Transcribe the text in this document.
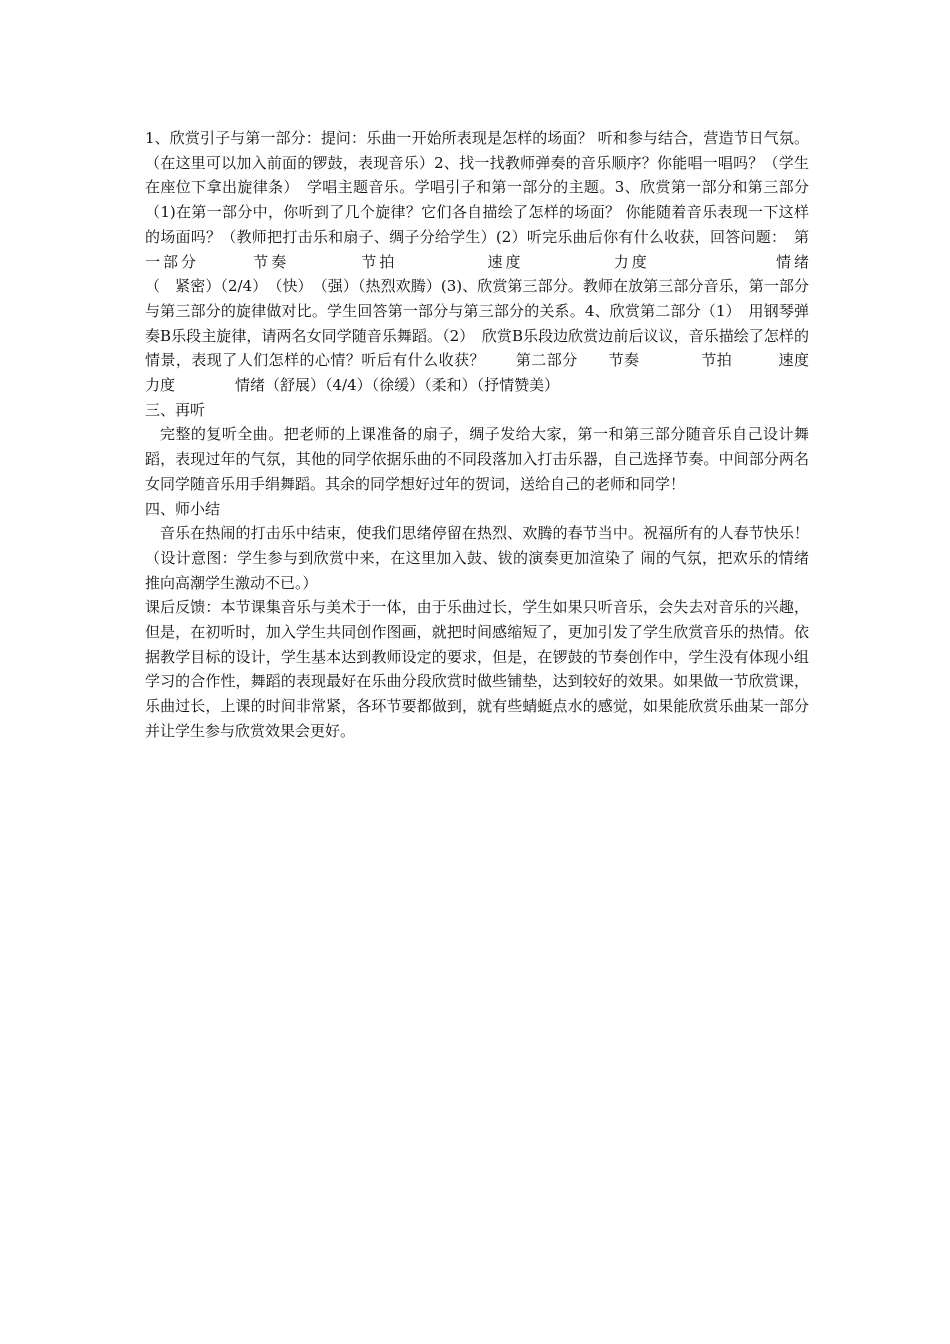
1、欣赏引子与第一部分：提问：乐曲一开始所表现是怎样的场面？ 听和参与结合，营造节日气氛。（在这里可以加入前面的锣鼓，表现音乐）2、找一找教师弹奏的音乐顺序？你能唱一唱吗？（学生在座位下拿出旋律条）　学唱主题音乐。学唱引子和第一部分的主题。3、欣赏第一部分和第三部分　（1)在第一部分中，你听到了几个旋律？它们各自描绘了怎样的场面？ 你能随着音乐表现一下这样的场面吗？（教师把打击乐和扇子、绸子分给学生）(2）听完乐曲后你有什么收获，回答问题：　第一部分　　　节奏　　　　节拍　　　　　速度　　　　　力度　　　　　　　情绪　　　　　　　　（　紧密）（2/4）　（快）　（强）（热烈欢腾）(3)、欣赏第三部分。教师在放第三部分音乐，第一部分与第三部分的旋律做对比。学生回答第一部分与第三部分的关系。4、欣赏第二部分（1）　用钢琴弹奏B乐段主旋律，请两名女同学随音乐舞蹈。（2）　欣赏B乐段边欣赏边前后议议，音乐描绘了怎样的情景，表现了人们怎样的心情？听后有什么收获？　　第二部分　　节奏　　　　节拍　　　速度　　　　力度　　　　情绪（舒展）（4/4）（徐缓）（柔和）（抒情赞美）

三、再听

完整的复听全曲。把老师的上课准备的扇子，绸子发给大家，第一和第三部分随音乐自己设计舞蹈，表现过年的气氛，其他的同学依据乐曲的不同段落加入打击乐器，自己选择节奏。中间部分两名女同学随音乐用手绢舞蹈。其余的同学想好过年的贺词，送给自己的老师和同学！

四、师小结

音乐在热闹的打击乐中结束，使我们思绪停留在热烈、欢腾的春节当中。祝福所有的人春节快乐！（设计意图：学生参与到欣赏中来，在这里加入鼓、钹的演奏更加渲染了 闹的气氛，把欢乐的情绪推向高潮学生激动不已。）

课后反馈：本节课集音乐与美术于一体，由于乐曲过长，学生如果只听音乐，会失去对音乐的兴趣，但是，在初听时，加入学生共同创作图画，就把时间感缩短了，更加引发了学生欣赏音乐的热情。依据教学目标的设计，学生基本达到教师设定的要求，但是，在锣鼓的节奏创作中，学生没有体现小组学习的合作性，舞蹈的表现最好在乐曲分段欣赏时做些铺垫，达到较好的效果。如果做一节欣赏课，乐曲过长，上课的时间非常紧，各环节要都做到，就有些蜻蜓点水的感觉，如果能欣赏乐曲某一部分并让学生参与欣赏效果会更好。
